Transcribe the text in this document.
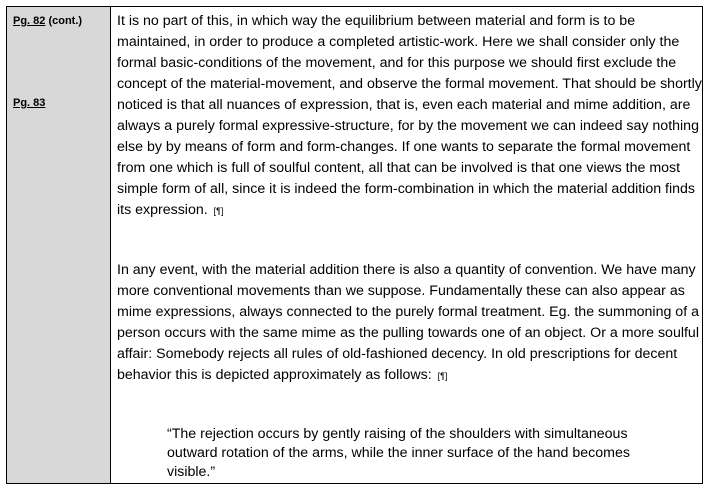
Pg. 82 (cont.)
Pg. 83
It is no part of this, in which way the equilibrium between material and form is to be maintained, in order to produce a completed artistic-work. Here we shall consider only the formal basic-conditions of the movement, and for this purpose we should first exclude the concept of the material-movement, and observe the formal movement. That should be shortly noticed is that all nuances of expression, that is, even each material and mime addition, are always a purely formal expressive-structure, for by the movement we can indeed say nothing else by by means of form and form-changes. If one wants to separate the formal movement from one which is full of soulful content, all that can be involved is that one views the most simple form of all, since it is indeed the form-combination in which the material addition finds its expression. [¶]
In any event, with the material addition there is also a quantity of convention. We have many more conventional movements than we suppose. Fundamentally these can also appear as mime expressions, always connected to the purely formal treatment. Eg. the summoning of a person occurs with the same mime as the pulling towards one of an object. Or a more soulful affair: Somebody rejects all rules of old-fashioned decency. In old prescriptions for decent behavior this is depicted approximately as follows: [¶]
“The rejection occurs by gently raising of the shoulders with simultaneous outward rotation of the arms, while the inner surface of the hand becomes visible.”
